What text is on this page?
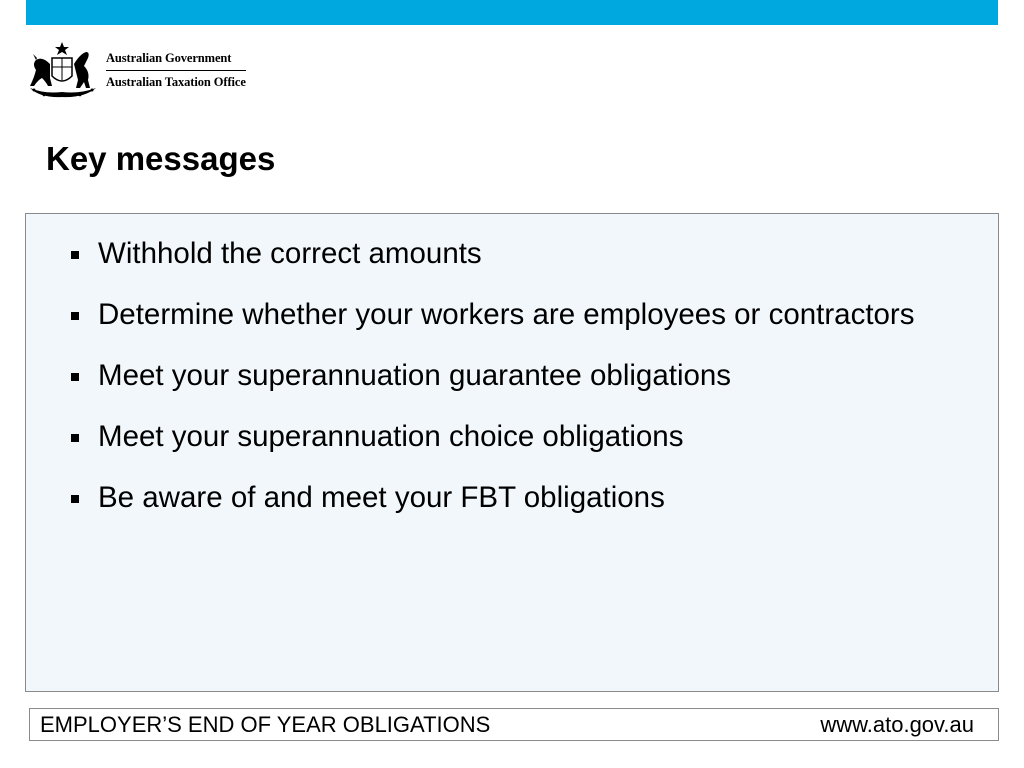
Australian Government
Australian Taxation Office
Key messages
Withhold the correct amounts
Determine whether your workers are employees or contractors
Meet your superannuation guarantee obligations
Meet your superannuation choice obligations
Be aware of and meet your FBT obligations
EMPLOYER’S END OF YEAR OBLIGATIONS	www.ato.gov.au
